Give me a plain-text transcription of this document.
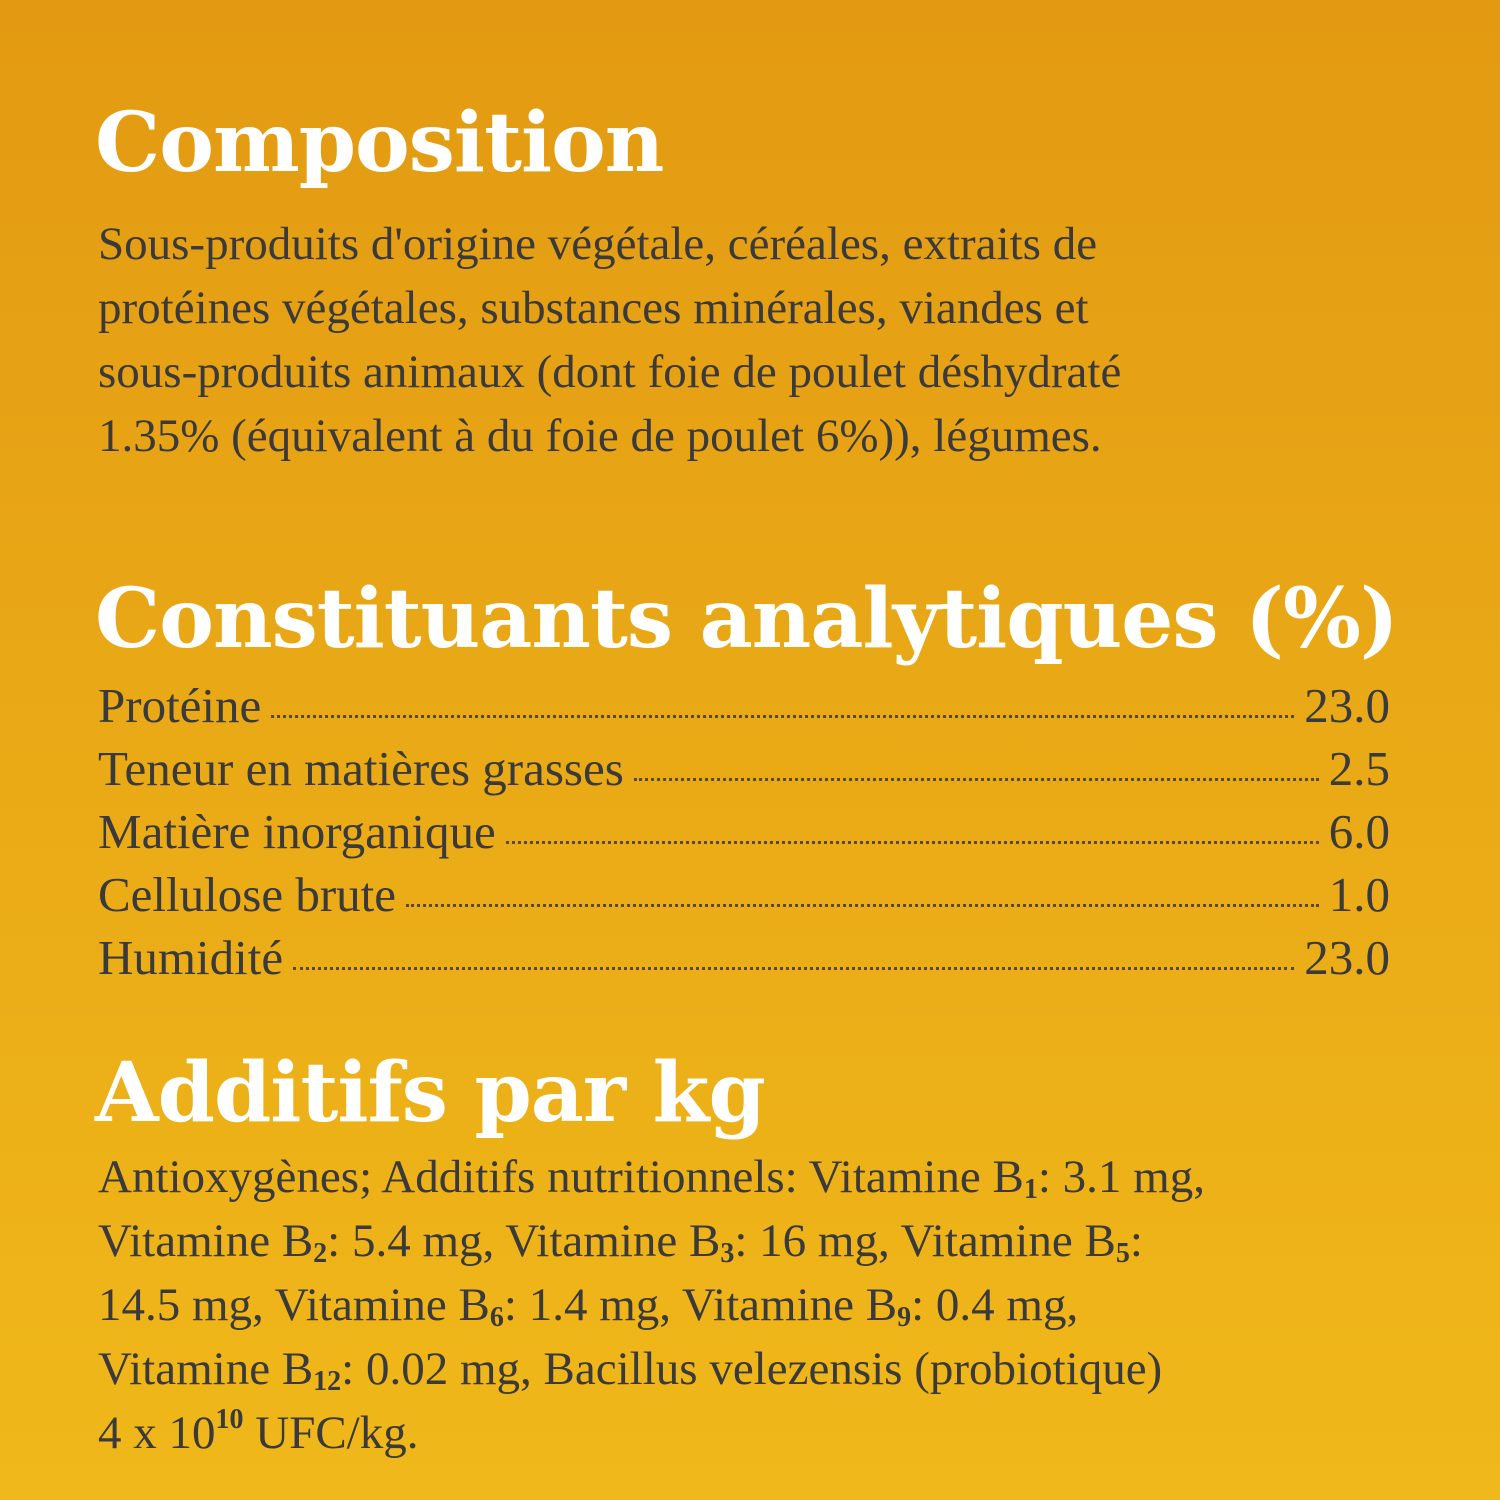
Composition

Sous-produits d'origine végétale, céréales, extraits de
protéines végétales, substances minérales, viandes et
sous-produits animaux (dont foie de poulet déshydraté
1.35% (équivalent à du foie de poulet 6%)), légumes.

Constituants analytiques (%)
Protéine	23.0
Teneur en matières grasses	2.5
Matière inorganique	6.0
Cellulose brute	1.0
Humidité	23.0
Additifs par kg

Antioxygènes; Additifs nutritionnels: Vitamine $B_1$: 3.1 mg,
Vitamine $B_2$: 5.4 mg, Vitamine $B_3$: 16 mg, Vitamine $B_5$:
14.5 mg, Vitamine $B_6$: 1.4 mg, Vitamine $B_9$: 0.4 mg,
Vitamine $B_{12}$: 0.02 mg, Bacillus velezensis (probiotique)
4 x $10^{10}$ UFC/kg.
